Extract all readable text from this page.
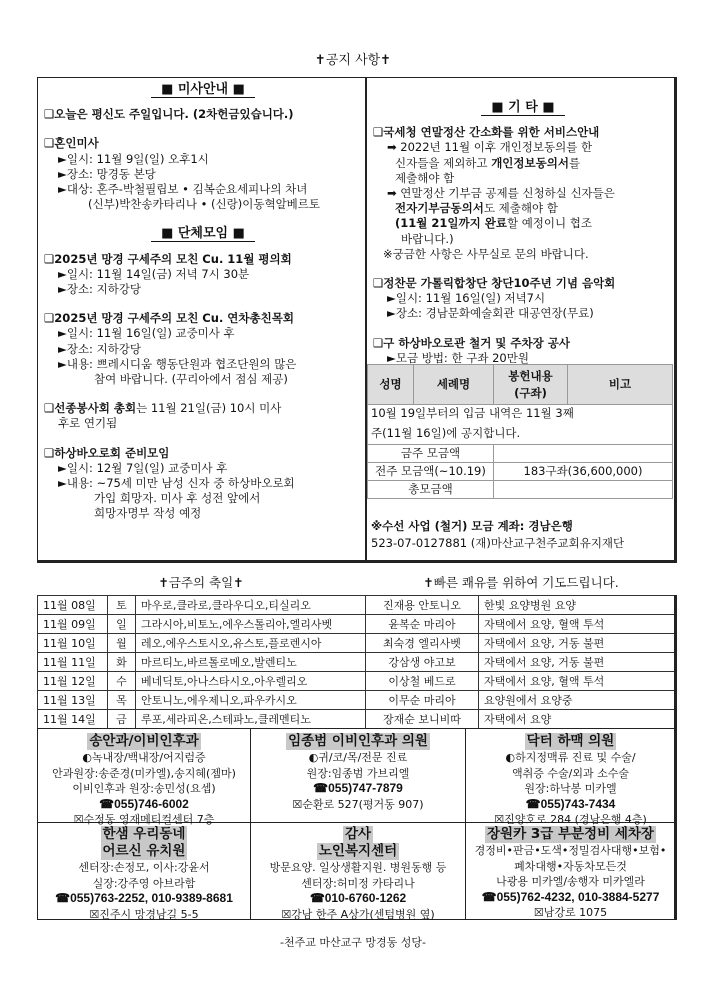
✝공지 사항✝
■ 미사안내 ■
❑오늘은 평신도 주일입니다. (2차헌금있습니다.)
❑혼인미사
►일시: 11월 9일(일) 오후1시
►장소: 망경동 본당
►대상: 혼주-박철필립보 • 김복순요세피나의 차녀
(신부)박찬송카타리나 • (신랑)이동혁알베르토
■ 단체모임 ■
❑2025년 망경 구세주의 모친 Cu. 11월 평의회
►일시: 11월 14일(금) 저녁 7시 30분
►장소: 지하강당
❑2025년 망경 구세주의 모친 Cu. 연차총친목회
►일시: 11월 16일(일) 교중미사 후
►장소: 지하강당
►내용: 쁘레시디움 행동단원과 협조단원의 많은
참여 바랍니다. (꾸리아에서 점심 제공)
❑선종봉사회 총회는 11월 21일(금) 10시 미사
후로 연기됨
❑하상바오로회 준비모임
►일시: 12월 7일(일) 교중미사 후
►내용: ~75세 미만 남성 신자 중 하상바오로회
가입 희망자. 미사 후 성전 앞에서
희망자명부 작성 예정
■ 기 타 ■
❑국세청 연말정산 간소화를 위한 서비스안내
➡ 2022년 11월 이후 개인정보동의를 한
신자들을 제외하고 개인정보동의서를
제출해야 함
➡ 연말정산 기부금 공제를 신청하실 신자들은
전자기부금동의서도 제출해야 함
(11월 21일까지 완료할 예정이니 협조
바랍니다.)
※궁금한 사항은 사무실로 문의 바랍니다.
❑정찬문 가톨릭합창단 창단10주년 기념 음악회
►일시: 11월 16일(일) 저녁7시
►장소: 경남문화예술회관 대공연장(무료)
❑구 하상바오로관 철거 및 주차장 공사
►모금 방법: 한 구좌 20만원
성명	세례명	봉헌내용
(구좌)	비고
10월 19일부터의 입금 내역은 11월 3째			
주(11월 16일)에 공지합니다.			
금주 모금액			
전주 모금액(~10.19)		183구좌(36,600,000)	
총모금액			
※수선 사업 (철거) 모금 계좌: 경남은행
523-07-0127881 (재)마산교구천주교회유지재단
✝금주의 축일✝	✝빠른 쾌유를 위하여 기도드립니다.
11월 08일	토	마우로,클라로,클라우디오,티실리오	진재용 안토니오	한빛 요양병원 요양
11월 09일	일	그라시아,비토노,에우스톨리아,엘리사벳	윤복순 마리아	자택에서 요양, 혈액 투석
11월 10일	월	레오,에우스토시오,유스토,플로렌시아	최숙경 엘리사벳	자택에서 요양, 거동 불편
11월 11일	화	마르티노,바르톨로메오,발렌티노	강삼생 야고보	자택에서 요양, 거동 불편
11월 12일	수	베네딕토,아나스타시오,아우렐리오	이상철 베드로	자택에서 요양, 혈액 투석
11월 13일	목	안토니노,에우제니오,파우카시오	이무순 마리아	요양원에서 요양중
11월 14일	금	루포,세라피온,스테파노,클레멘티노	장재순 보니비따	자택에서 요양
송안과/이비인후과
◐녹내장/백내장/어지럼증
안과원장:송준경(미카엘),송지혜(젬마)
이비인후과 원장:송민성(요셉)
☎055)746-6002
☒수정동 영재메티컬센터 7층
임종범 이비인후과 의원
◐귀/코/목/전문 진료
원장:임종범 가브리엘
☎055)747-7879
☒순환로 527(평거동 907)
닥터 하맥 의원
◐하지정맥류 진료 및 수술/
액취증 수술/외과 소수술
원장:하낙봉 미카엘
☎055)743-7434
☒진양호로 284 (경남은행 4층)
한샘 우리동네
어르신 유치원
센터장:손정모, 이사:강윤서
실장:강주영 아브라함
☎055)763-2252, 010-9389-8681
☒진주시 망경남길 5-5
감사
노인복지센터
방문요양. 일상생활지원. 병원동행 등
센터장:허미정 카타리나
☎010-6760-1262
☒강남 한주 A상가(센텀병원 옆)
장원카 3급 부분정비 세차장
경정비•판금•도색•정밀검사대행•보험•
폐차대행•자동차모든것
나광용 미카엘/송행자 미카엘라
☎055)762-4232, 010-3884-5277
☒남강로 1075
-천주교 마산교구 망경동 성당-
